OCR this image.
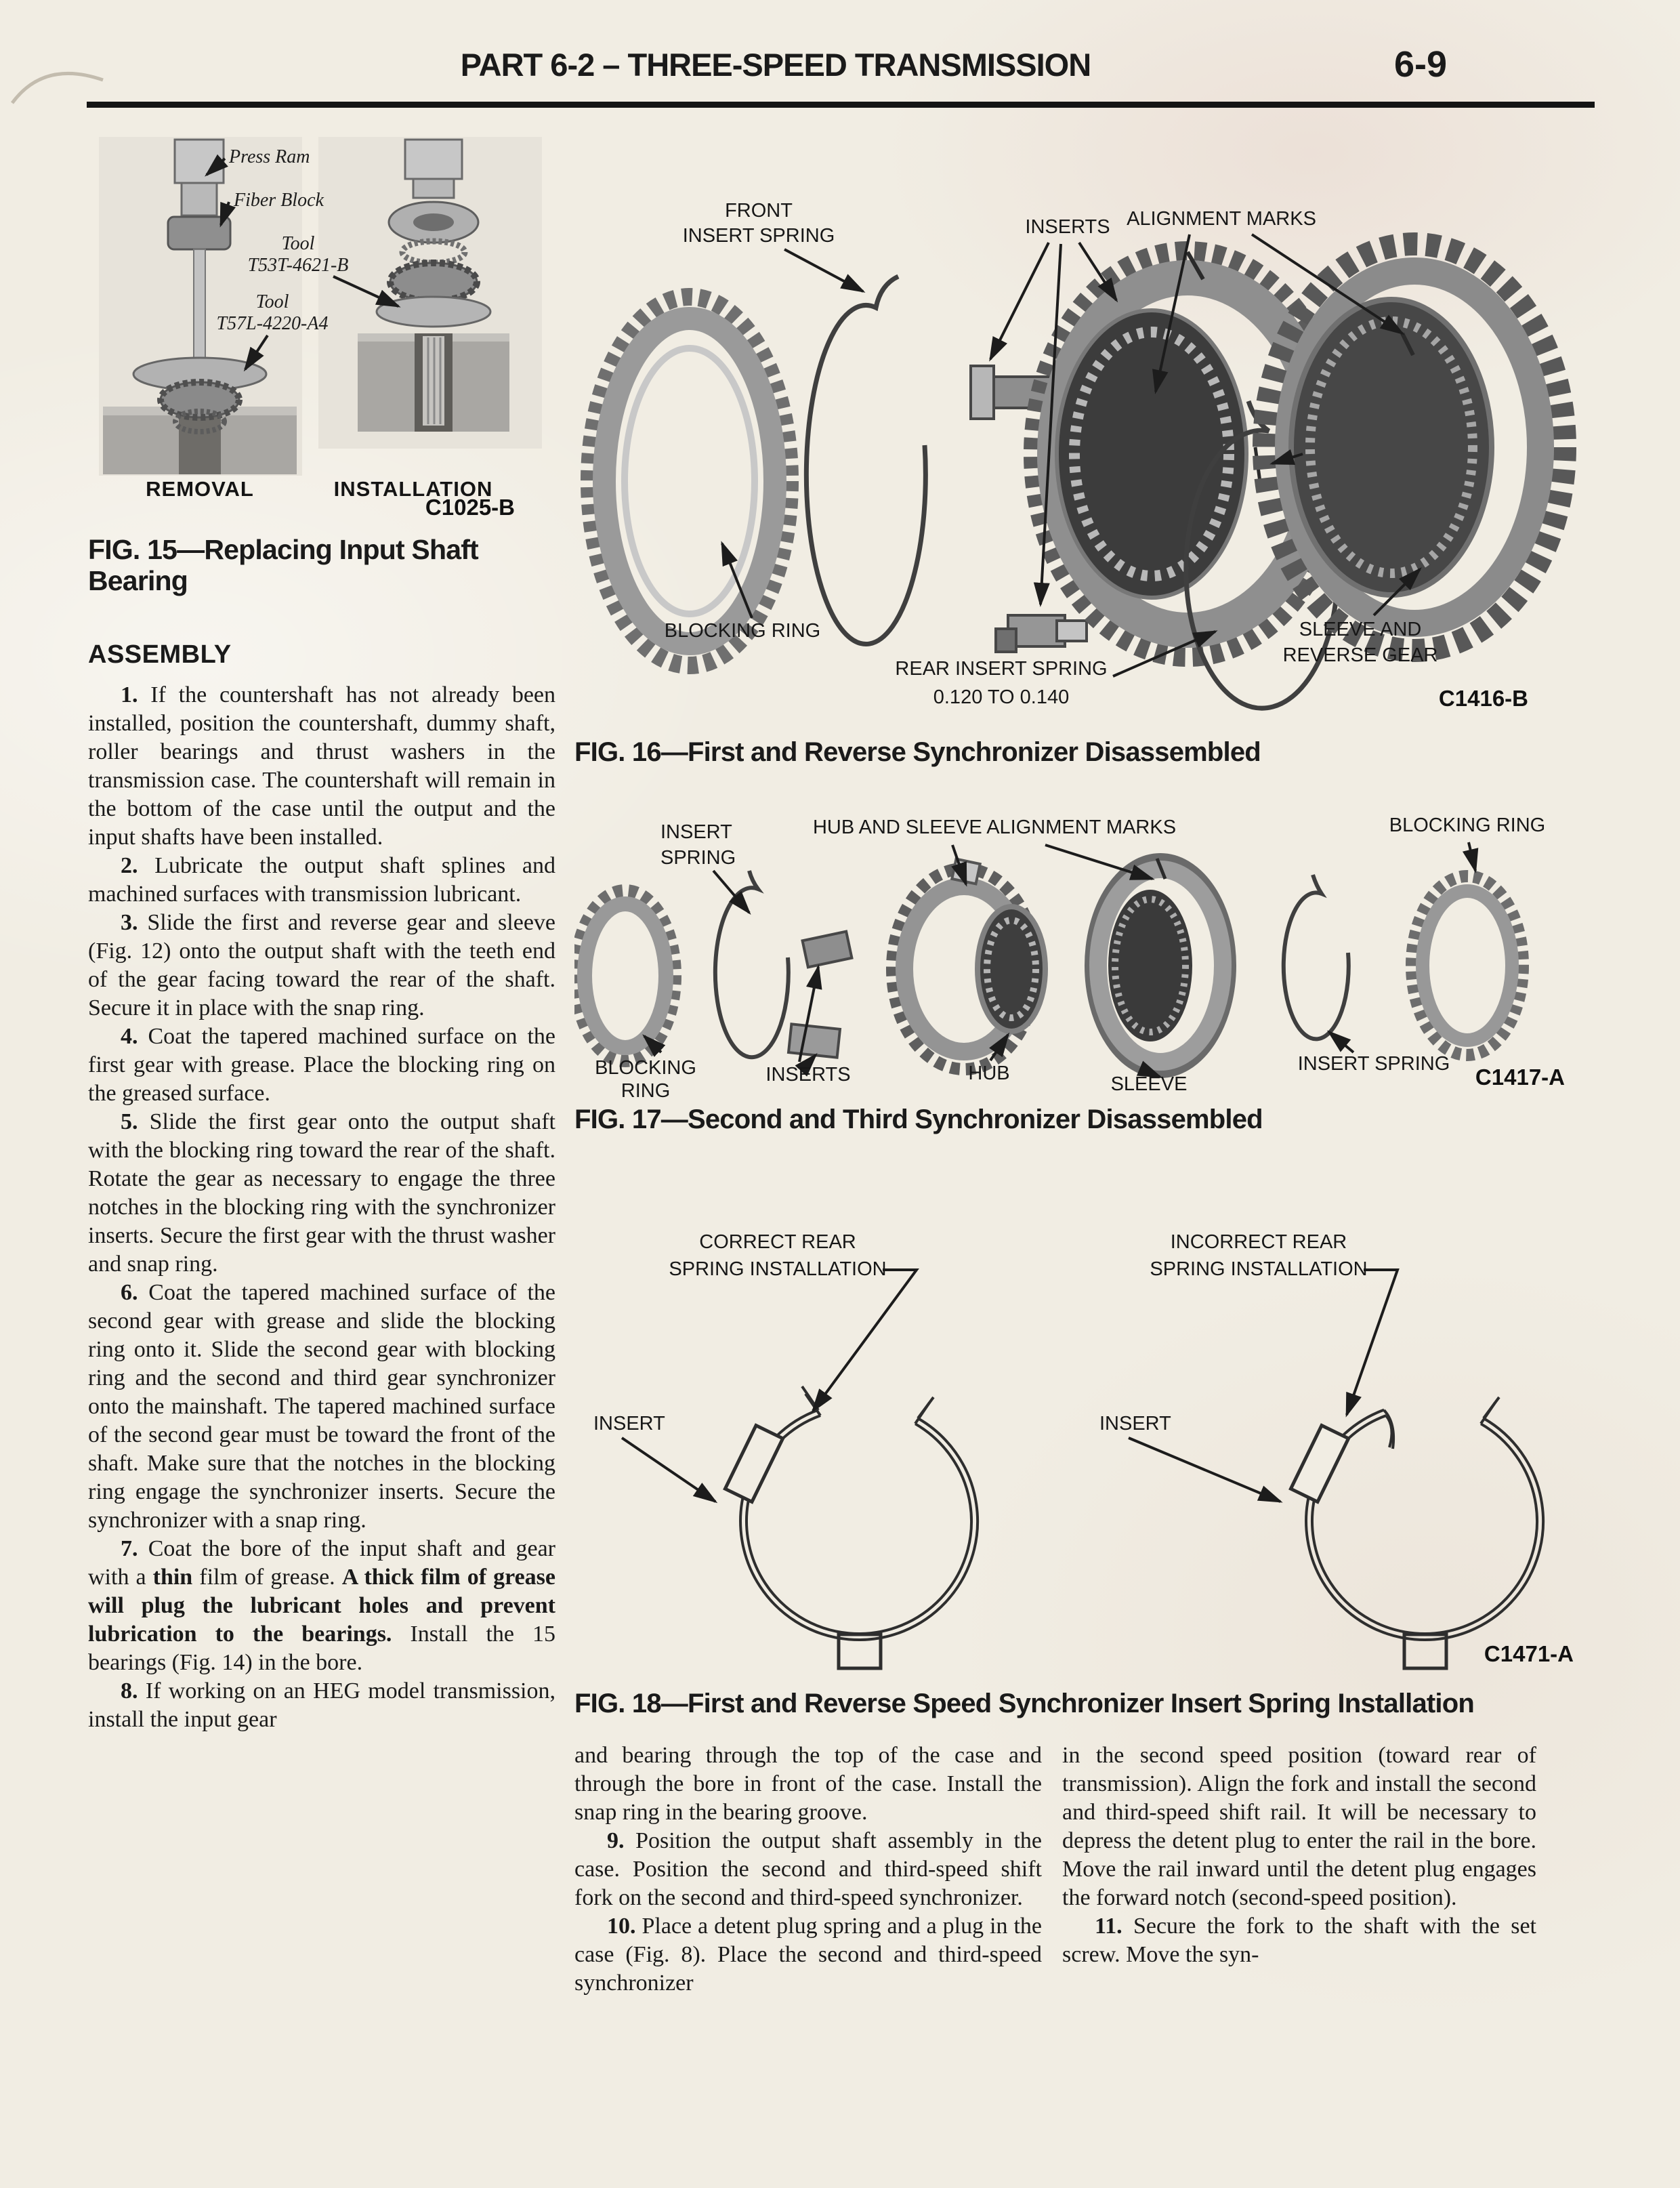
PART 6-2 – THREE-SPEED TRANSMISSION	6-9
Press Ram
Fiber Block
Tool
T53T-4621-B
Tool
T57L-4220-A4
REMOVAL	INSTALLATION
C1025-B
FIG. 15—Replacing Input Shaft Bearing
ASSEMBLY

1. If the countershaft has not already been installed, position the countershaft, dummy shaft, roller bearings and thrust washers in the transmission case. The countershaft will remain in the bottom of the case until the output and the input shafts have been installed.

2. Lubricate the output shaft splines and machined surfaces with transmission lubricant.

3. Slide the first and reverse gear and sleeve (Fig. 12) onto the output shaft with the teeth end of the gear facing toward the rear of the shaft. Secure it in place with the snap ring.

4. Coat the tapered machined surface on the first gear with grease. Place the blocking ring on the greased surface.

5. Slide the first gear onto the output shaft with the blocking ring toward the rear of the shaft. Rotate the gear as necessary to engage the three notches in the blocking ring with the synchronizer inserts. Secure the first gear with the thrust washer and snap ring.

6. Coat the tapered machined surface of the second gear with grease and slide the blocking ring onto it. Slide the second gear with blocking ring and the second and third gear synchronizer onto the mainshaft. The tapered machined surface of the second gear must be toward the front of the shaft. Make sure that the notches in the blocking ring engage the synchronizer inserts. Secure the synchronizer with a snap ring.

7. Coat the bore of the input shaft and gear with a thin film of grease. A thick film of grease will plug the lubricant holes and prevent lubrication to the bearings. Install the 15 bearings (Fig. 14) in the bore.

8. If working on an HEG model transmission, install the input gear

FRONT
INSERT SPRING	INSERTS ALIGNMENT MARKS
BLOCKING RING
REAR INSERT SPRING
0.120 TO 0.140
SLEEVE AND
REVERSE GEAR
C1416-B
FIG. 16—First and Reverse Synchronizer Disassembled
INSERT
SPRING
HUB AND SLEEVE ALIGNMENT MARKS	BLOCKING RING
BLOCKING
RING
INSERTS	HUB	SLEEVE
INSERT SPRING
C1417-A
FIG. 17—Second and Third Synchronizer Disassembled
CORRECT REAR
SPRING INSTALLATION
INCORRECT REAR
SPRING INSTALLATION
INSERT	INSERT
C1471-A
FIG. 18—First and Reverse Speed Synchronizer Insert Spring Installation

and bearing through the top of the case and through the bore in front of the case. Install the snap ring in the bearing groove.

9. Position the output shaft assembly in the case. Position the second and third-speed shift fork on the second and third-speed synchronizer.

10. Place a detent plug spring and a plug in the case (Fig. 8). Place the second and third-speed synchronizer

in the second speed position (toward rear of transmission). Align the fork and install the second and third-speed shift rail. It will be necessary to depress the detent plug to enter the rail in the bore. Move the rail inward until the detent plug engages the forward notch (second-speed position).

11. Secure the fork to the shaft with the set screw. Move the syn-
